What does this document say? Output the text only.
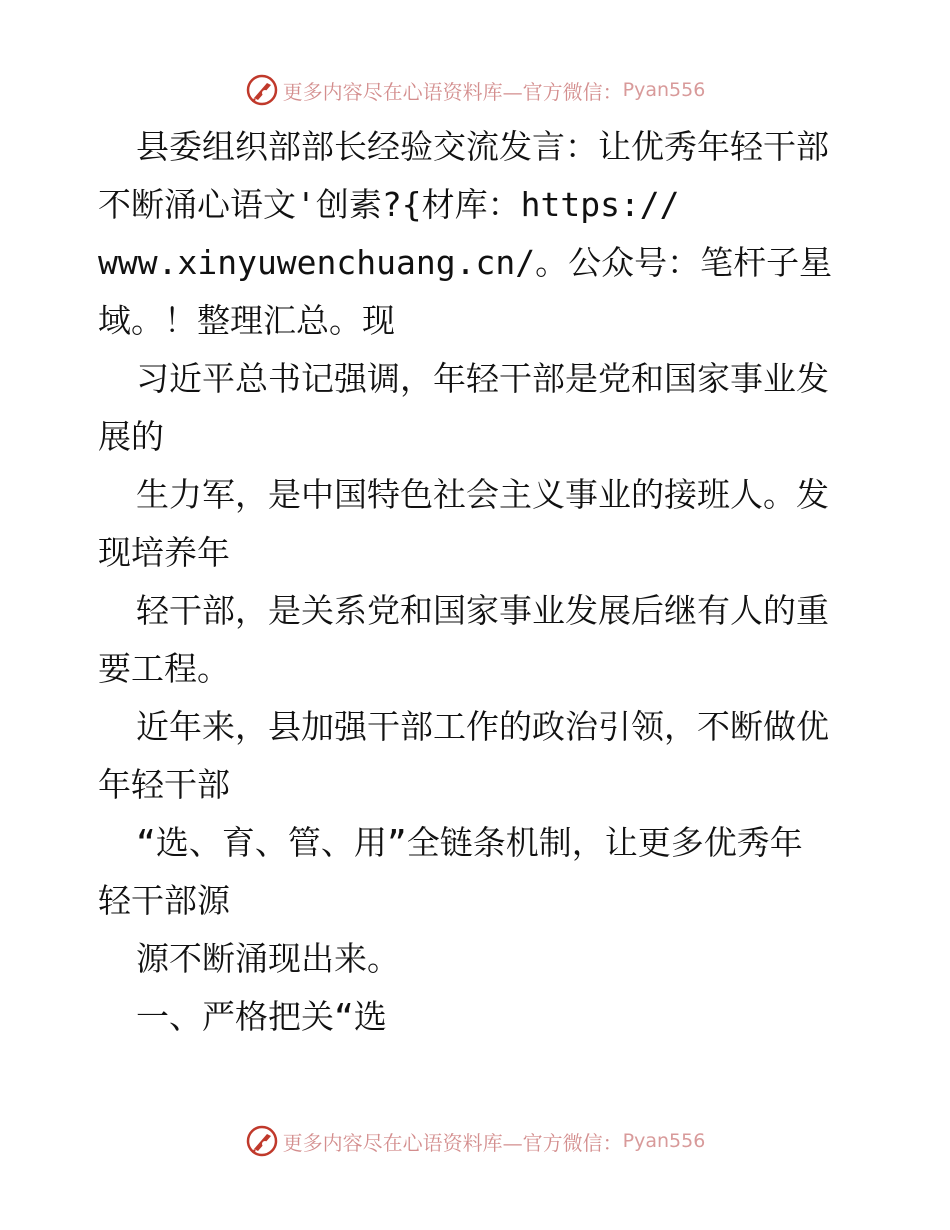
更多内容尽在心语资料库—官方微信： Pyan556

县委组织部部长经验交流发言：让优秀年轻干部

不断涌心语文'创素?{材库：https://

www.xinyuwenchuang.cn/。公众号：笔杆子星

域。！整理汇总。现

习近平总书记强调，年轻干部是党和国家事业发

展的

生力军，是中国特色社会主义事业的接班人。发

现培养年

轻干部，是关系党和国家事业发展后继有人的重

要工程。

近年来，县加强干部工作的政治引领，不断做优

年轻干部

“选、育、管、用”全链条机制，让更多优秀年

轻干部源

源不断涌现出来。

一、严格把关“选

更多内容尽在心语资料库—官方微信： Pyan556
